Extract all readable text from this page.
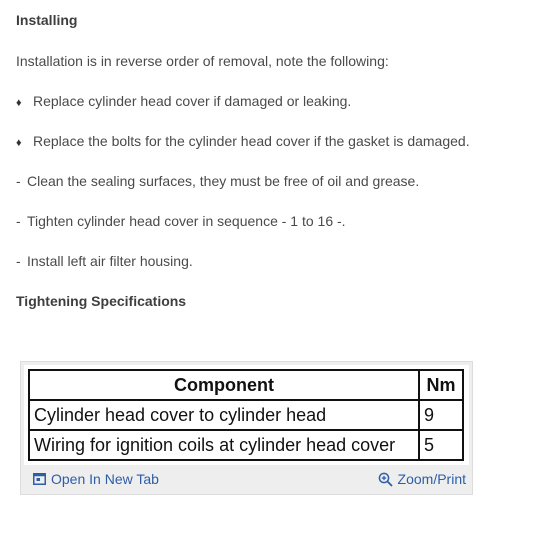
Installing
Installation is in reverse order of removal, note the following:
♦ Replace cylinder head cover if damaged or leaking.
♦ Replace the bolts for the cylinder head cover if the gasket is damaged.
- Clean the sealing surfaces, they must be free of oil and grease.
- Tighten cylinder head cover in sequence - 1 to 16 -.
- Install left air filter housing.
Tightening Specifications
Component	Nm
Cylinder head cover to cylinder head	9
Wiring for ignition coils at cylinder head cover	5
Open In New Tab	Zoom/Print
